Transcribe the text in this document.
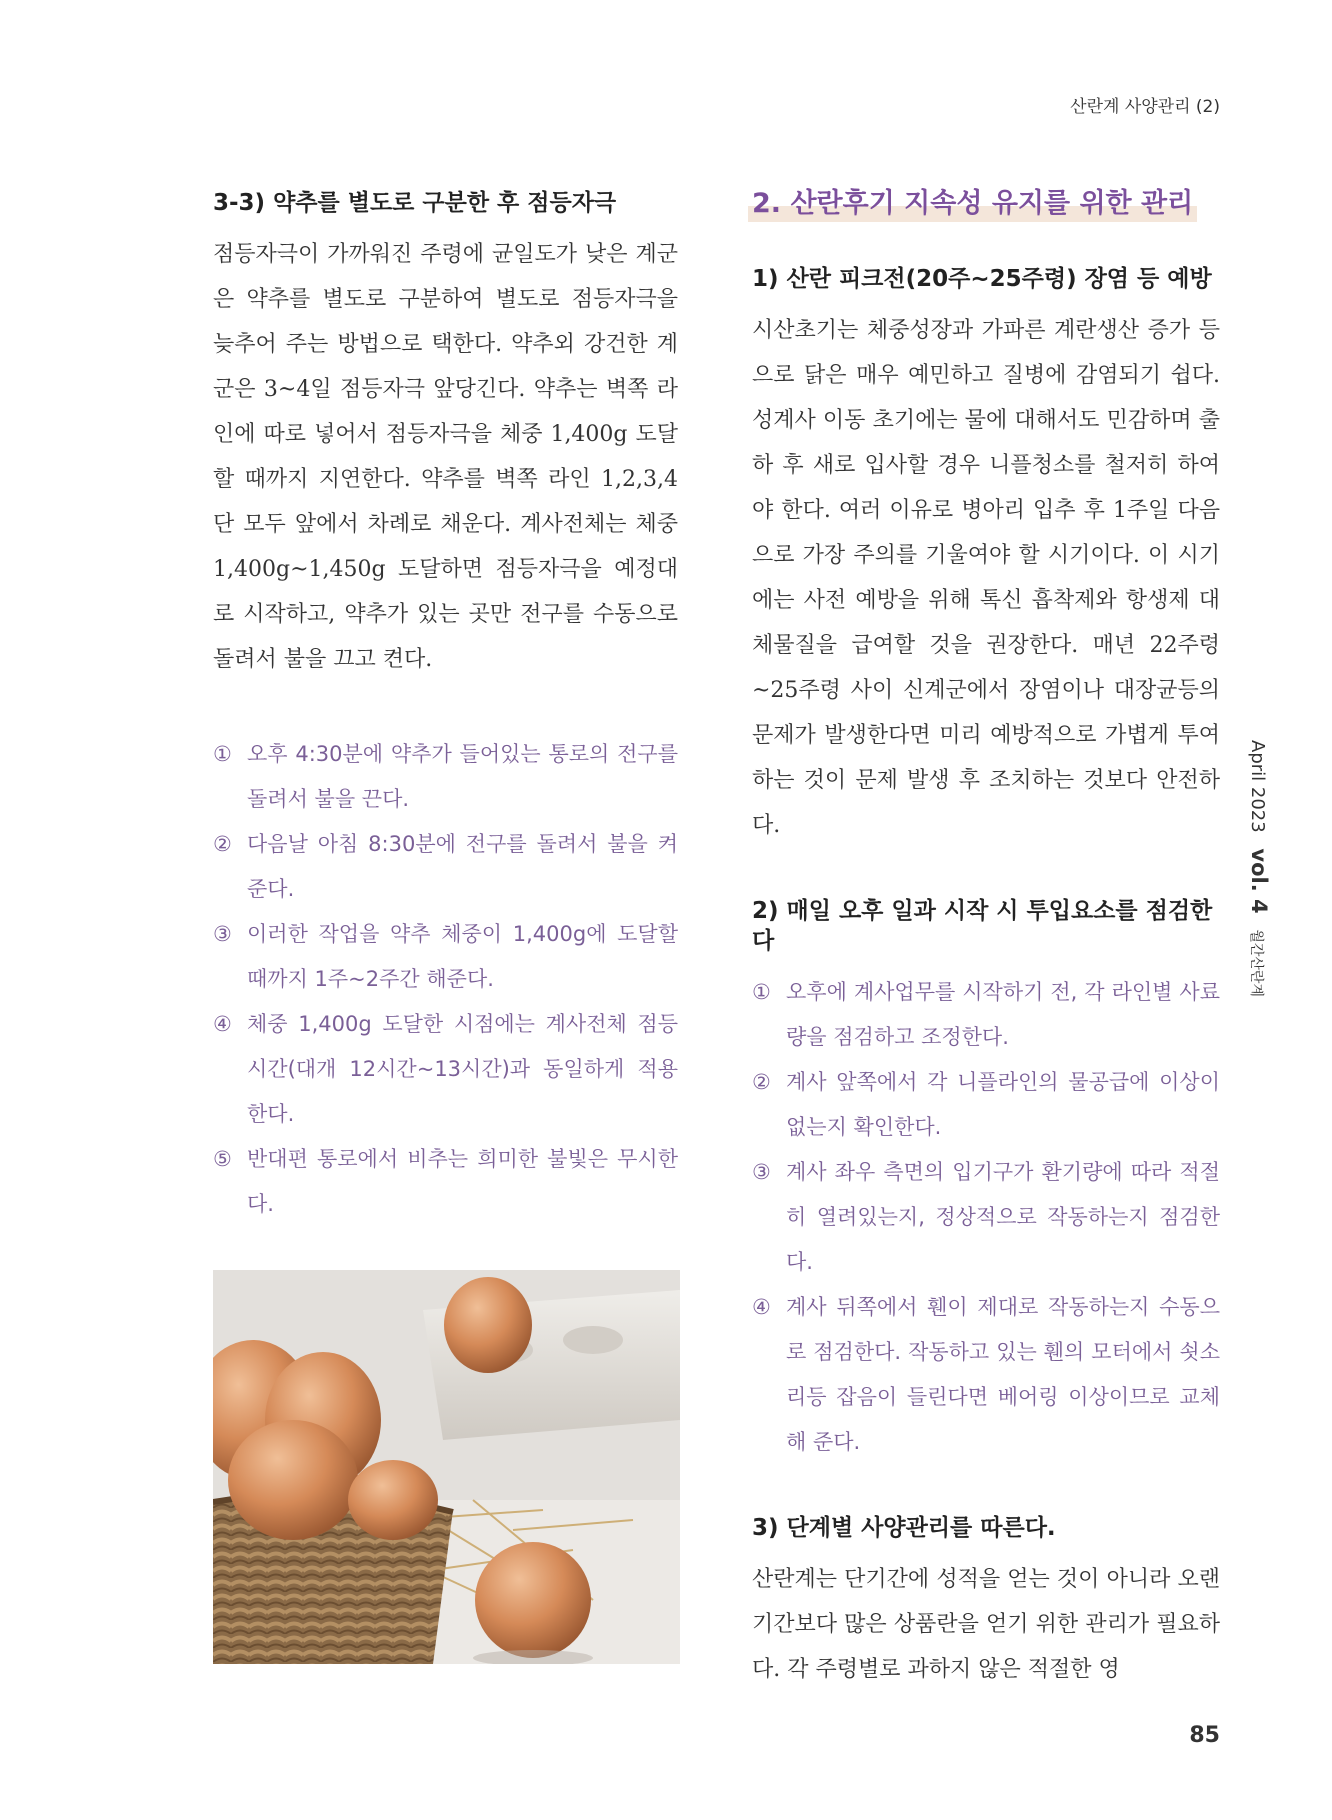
산란계 사양관리 (2)
3-3) 약추를 별도로 구분한 후 점등자극

점등자극이 가까워진 주령에 균일도가 낮은 계군은 약추를 별도로 구분하여 별도로 점등자극을 늦추어 주는 방법으로 택한다. 약추외 강건한 계군은 3~4일 점등자극 앞당긴다. 약추는 벽쪽 라인에 따로 넣어서 점등자극을 체중 1,400g 도달할 때까지 지연한다. 약추를 벽쪽 라인 1,2,3,4단 모두 앞에서 차례로 채운다. 계사전체는 체중 1,400g~1,450g 도달하면 점등자극을 예정대로 시작하고, 약추가 있는 곳만 전구를 수동으로 돌려서 불을 끄고 켠다.

① 오후 4:30분에 약추가 들어있는 통로의 전구를 돌려서 불을 끈다.
② 다음날 아침 8:30분에 전구를 돌려서 불을 켜준다.
③ 이러한 작업을 약추 체중이 1,400g에 도달할 때까지 1주~2주간 해준다.
④ 체중 1,400g 도달한 시점에는 계사전체 점등시간(대개 12시간~13시간)과 동일하게 적용한다.
⑤ 반대편 통로에서 비추는 희미한 불빛은 무시한다.
2. 산란후기 지속성 유지를 위한 관리
1) 산란 피크전(20주~25주령) 장염 등 예방

시산초기는 체중성장과 가파른 계란생산 증가 등으로 닭은 매우 예민하고 질병에 감염되기 쉽다. 성계사 이동 초기에는 물에 대해서도 민감하며 출하 후 새로 입사할 경우 니플청소를 철저히 하여야 한다. 여러 이유로 병아리 입추 후 1주일 다음으로 가장 주의를 기울여야 할 시기이다. 이 시기에는 사전 예방을 위해 톡신 흡착제와 항생제 대체물질을 급여할 것을 권장한다. 매년 22주령~25주령 사이 신계군에서 장염이나 대장균등의 문제가 발생한다면 미리 예방적으로 가볍게 투여하는 것이 문제 발생 후 조치하는 것보다 안전하다.

2) 매일 오후 일과 시작 시 투입요소를 점검한다
① 오후에 계사업무를 시작하기 전, 각 라인별 사료량을 점검하고 조정한다.
② 계사 앞쪽에서 각 니플라인의 물공급에 이상이 없는지 확인한다.
③ 계사 좌우 측면의 입기구가 환기량에 따라 적절히 열려있는지, 정상적으로 작동하는지 점검한다.
④ 계사 뒤쪽에서 휀이 제대로 작동하는지 수동으로 점검한다. 작동하고 있는 휀의 모터에서 쇳소리등 잡음이 들린다면 베어링 이상이므로 교체해 준다.
3) 단계별 사양관리를 따른다.

산란계는 단기간에 성적을 얻는 것이 아니라 오랜기간보다 많은 상품란을 얻기 위한 관리가 필요하다. 각 주령별로 과하지 않은 적절한 영

April 2023 vol. 4 월간산란계
85
